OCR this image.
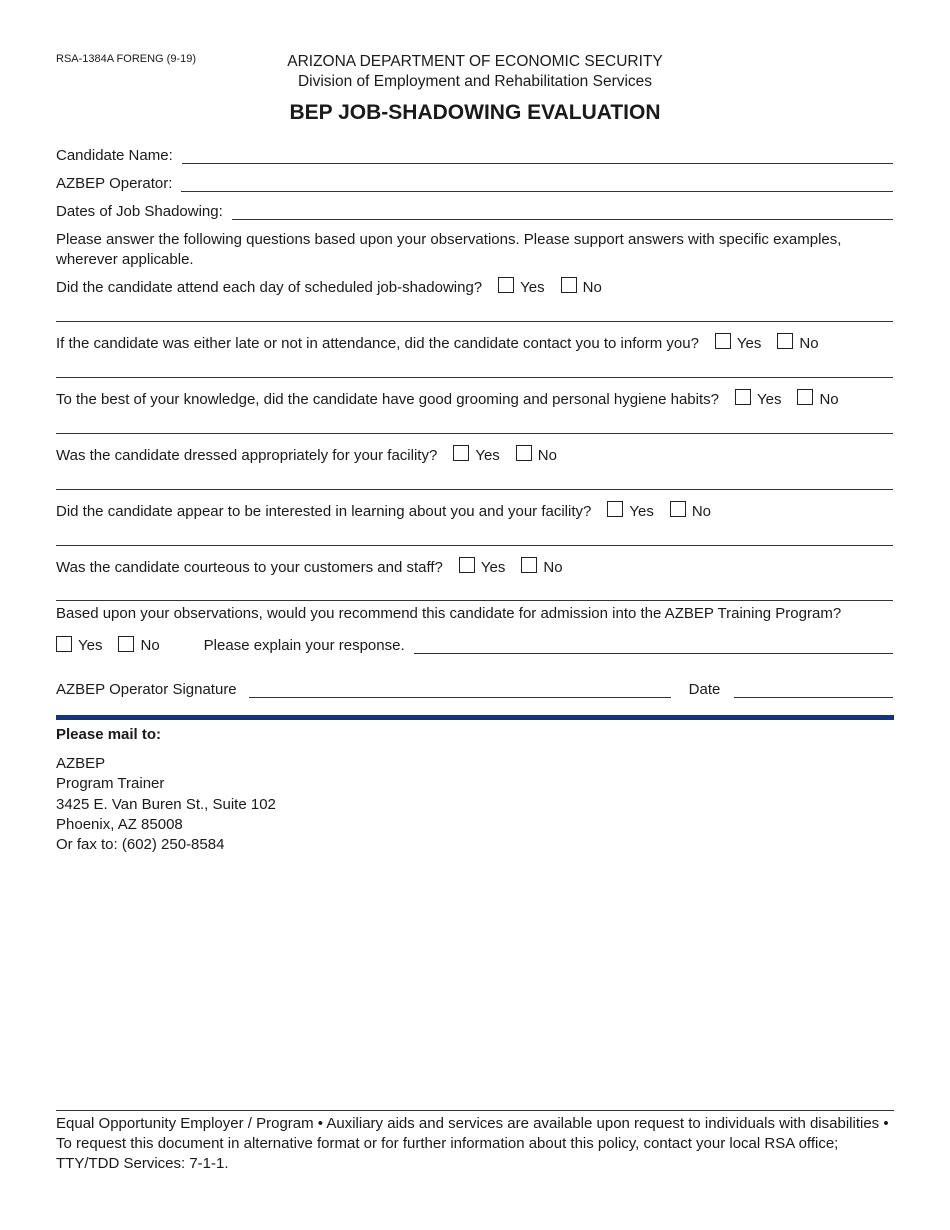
RSA-1384A FORENG (9-19)	ARIZONA DEPARTMENT OF ECONOMIC SECURITY
Division of Employment and Rehabilitation Services
BEP JOB-SHADOWING EVALUATION
Candidate Name:
AZBEP Operator:
Dates of Job Shadowing:
Please answer the following questions based upon your observations. Please support answers with specific examples, wherever applicable.
Did the candidate attend each day of scheduled job-shadowing?	Yes	No
If the candidate was either late or not in attendance, did the candidate contact you to inform you?	Yes	No
To the best of your knowledge, did the candidate have good grooming and personal hygiene habits?	Yes	No
Was the candidate dressed appropriately for your facility?	Yes	No
Did the candidate appear to be interested in learning about you and your facility?	Yes	No
Was the candidate courteous to your customers and staff?	Yes	No
Based upon your observations, would you recommend this candidate for admission into the AZBEP Training Program?
Yes	No	Please explain your response.
AZBEP Operator Signature	Date
Please mail to:
AZBEP
Program Trainer
3425 E. Van Buren St., Suite 102
Phoenix, AZ 85008
Or fax to: (602) 250-8584
Equal Opportunity Employer / Program • Auxiliary aids and services are available upon request to individuals with disabilities • To request this document in alternative format or for further information about this policy, contact your local RSA office; TTY/TDD Services: 7-1-1.
